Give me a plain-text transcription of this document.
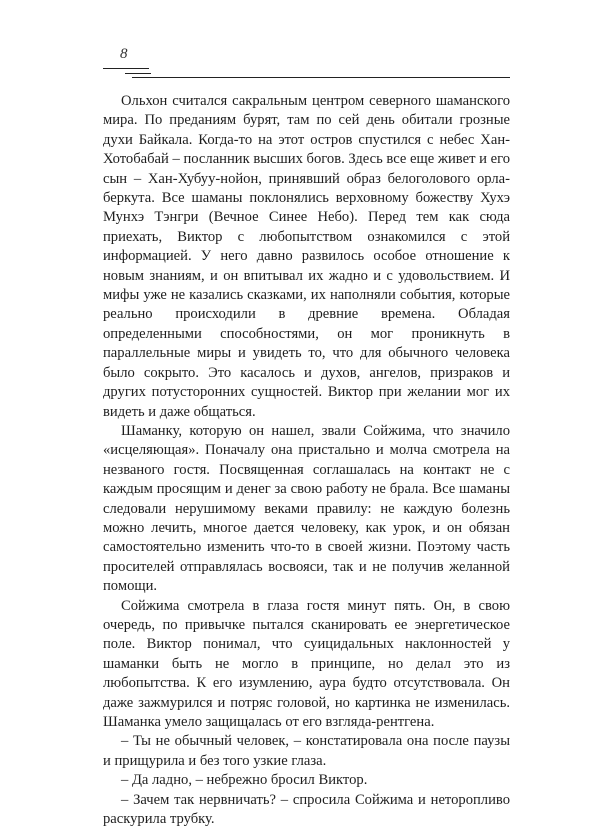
8

Ольхон считался сакральным центром северного шаманского мира. По преданиям бурят, там по сей день обитали грозные духи Байкала. Когда-то на этот остров спустился с небес Хан-Хотобабай – посланник высших богов. Здесь все еще живет и его сын – Хан-Хубуу-нойон, принявший образ белоголового орла-беркута. Все шаманы поклонялись верховному божеству Хухэ Мунхэ Тэнгри (Вечное Синее Небо). Перед тем как сюда приехать, Виктор с любопытством ознакомился с этой информацией. У него давно развилось особое отношение к новым знаниям, и он впитывал их жадно и с удовольствием. И мифы уже не казались сказками, их наполняли события, которые реально происходили в древние времена. Обладая определенными способностями, он мог проникнуть в параллельные миры и увидеть то, что для обычного человека было сокрыто. Это касалось и духов, ангелов, призраков и других потусторонних сущностей. Виктор при желании мог их видеть и даже общаться.

Шаманку, которую он нашел, звали Сойжима, что значило «исцеляющая». Поначалу она пристально и молча смотрела на незваного гостя. Посвященная соглашалась на контакт не с каждым просящим и денег за свою работу не брала. Все шаманы следовали нерушимому веками правилу: не каждую болезнь можно лечить, многое дается человеку, как урок, и он обязан самостоятельно изменить что-то в своей жизни. Поэтому часть просителей отправлялась восвояси, так и не получив желанной помощи.

Сойжима смотрела в глаза гостя минут пять. Он, в свою очередь, по привычке пытался сканировать ее энергетическое поле. Виктор понимал, что суицидальных наклонностей у шаманки быть не могло в принципе, но делал это из любопытства. К его изумлению, аура будто отсутствовала. Он даже зажмурился и потряс головой, но картинка не изменилась. Шаманка умело защищалась от его взгляда-рентгена.

– Ты не обычный человек, – констатировала она после паузы и прищурила и без того узкие глаза.

– Да ладно, – небрежно бросил Виктор.

– Зачем так нервничать? – спросила Сойжима и неторопливо раскурила трубку.
